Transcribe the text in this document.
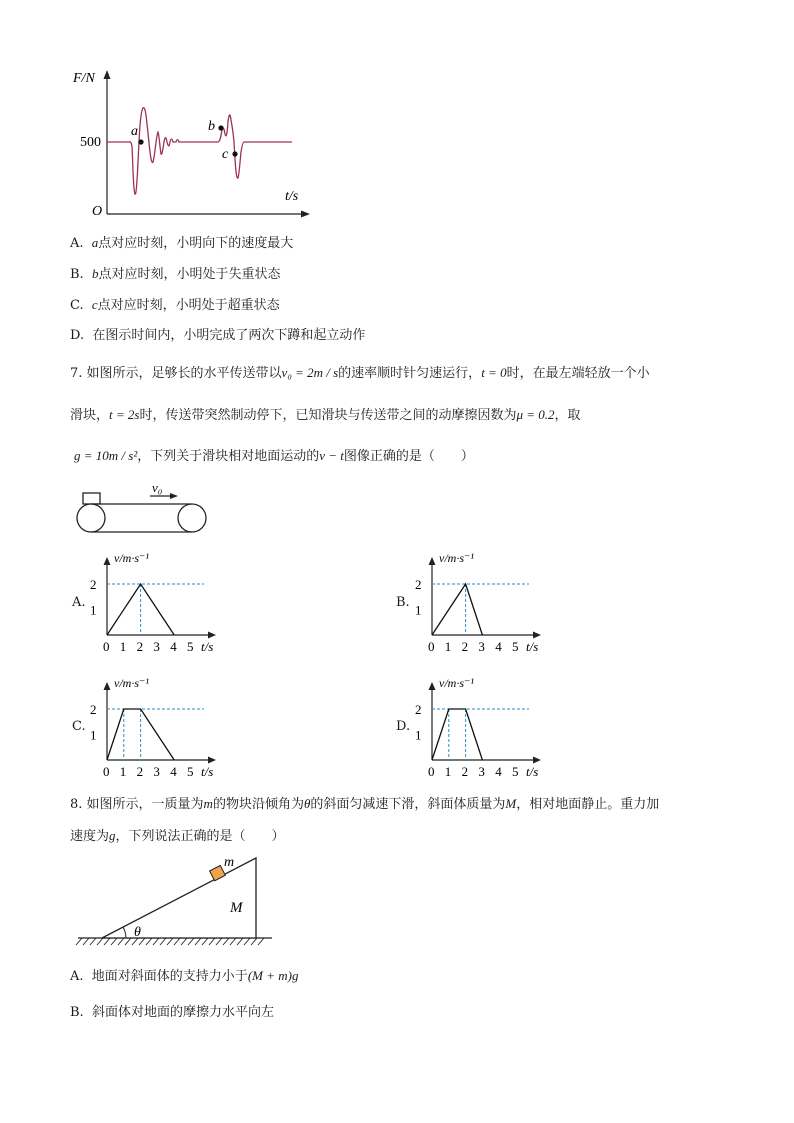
F/N
t/s
O
500
a	b
c
A. a点对应时刻，小明向下的速度最大
B. b点对应时刻，小明处于失重状态
C. c点对应时刻，小明处于超重状态
D. 在图示时间内，小明完成了两次下蹲和起立动作
7. 如图所示，足够长的水平传送带以v₀ = 2m / s的速率顺时针匀速运行，t = 0时，在最左端轻放一个小
滑块，t = 2s时，传送带突然制动停下，已知滑块与传送带之间的动摩擦因数为μ = 0.2，取
g = 10m / s²，下列关于滑块相对地面运动的v − t图像正确的是（　　）
v₀
A.	B.
C.	D.
v/m·s⁻¹
t/s
0 1 2 3 4 5
1
2
v/m·s⁻¹
t/s
0 1 2 3 4 5
1
2
v/m·s⁻¹
t/s
0 1 2 3 4 5
1
2
v/m·s⁻¹
t/s
0 1 2 3 4 5
1
2
8. 如图所示，一质量为m的物块沿倾角为θ的斜面匀减速下滑，斜面体质量为M，相对地面静止。重力加
速度为g，下列说法正确的是（　　）
θ
m
M
A. 地面对斜面体的支持力小于(M + m)g
B. 斜面体对地面的摩擦力水平向左
